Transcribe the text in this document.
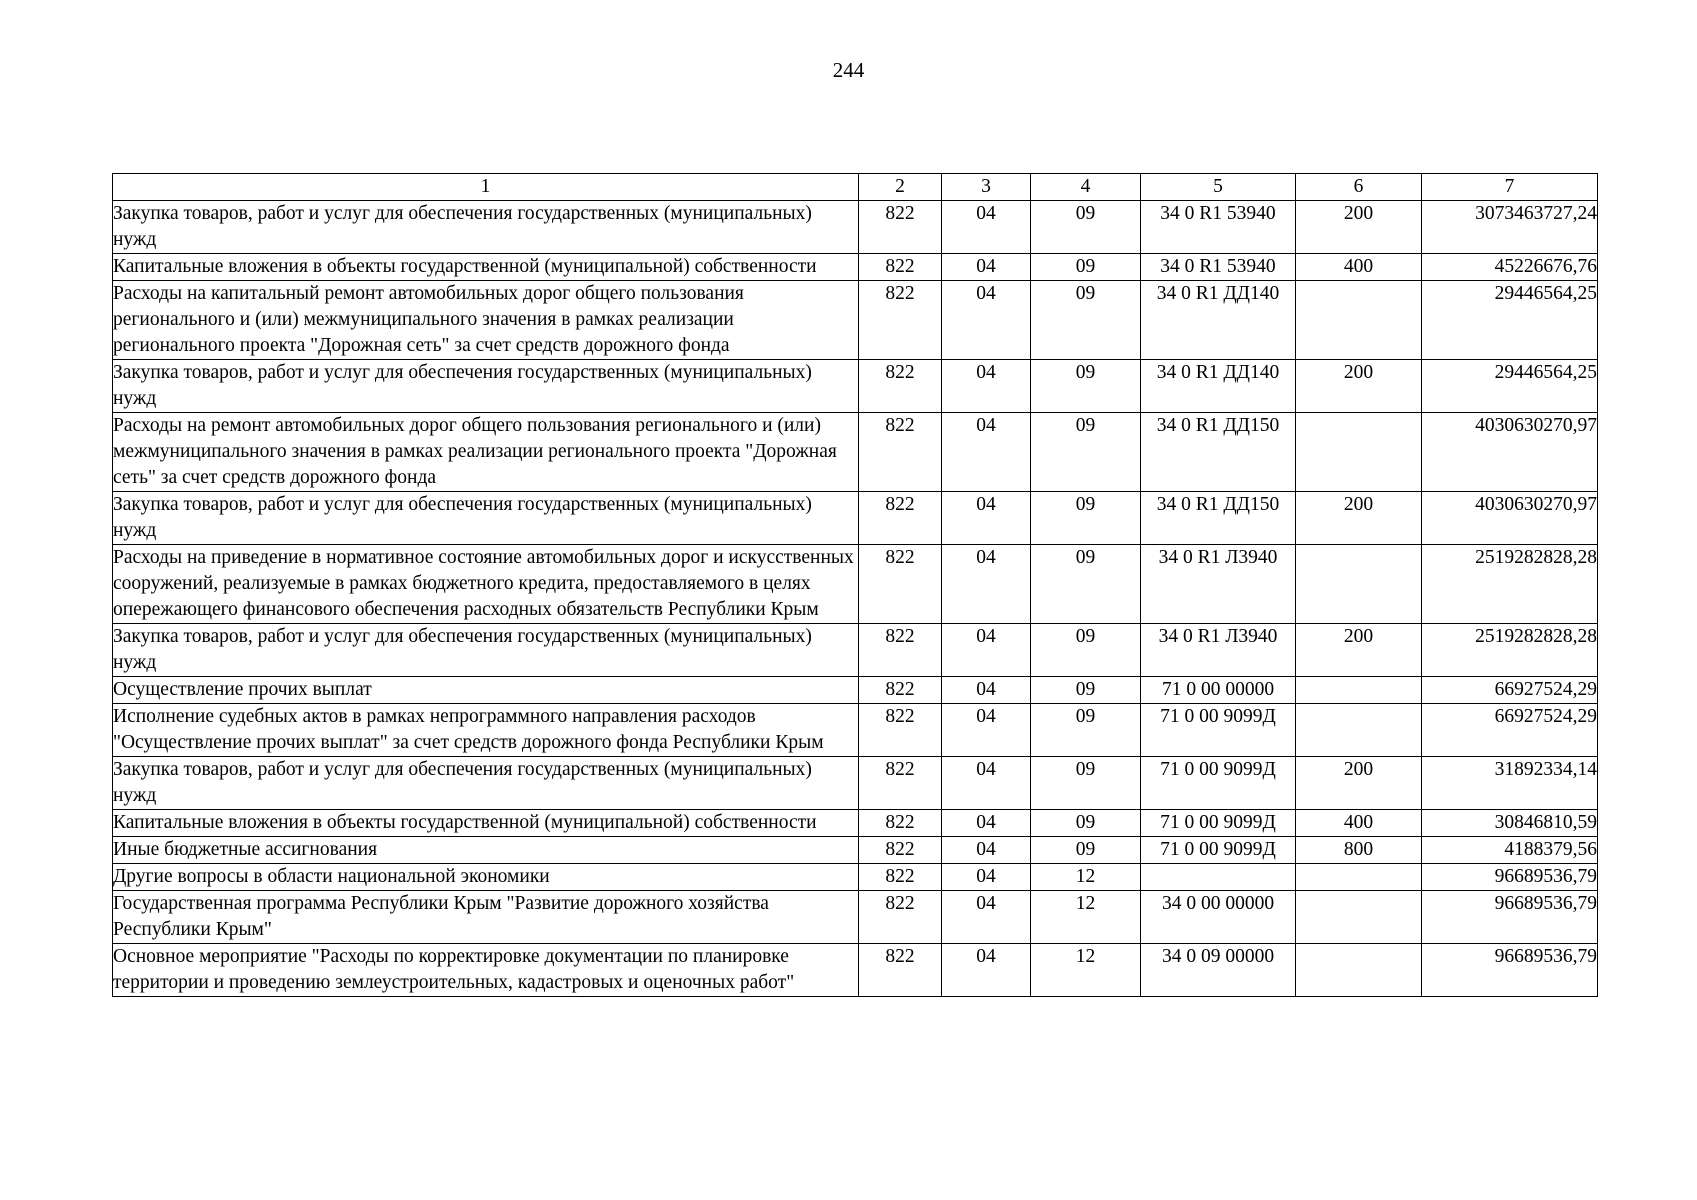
244
1	2	3	4	5	6	7
Закупка товаров, работ и услуг для обеспечения государственных (муниципальных) нужд	822	04	09	34 0 R1 53940	200	3073463727,24
Капитальные вложения в объекты государственной (муниципальной) собственности	822	04	09	34 0 R1 53940	400	45226676,76
Расходы на капитальный ремонт автомобильных дорог общего пользования регионального и (или) межмуниципального значения в рамках реализации регионального проекта "Дорожная сеть" за счет средств дорожного фонда	822	04	09	34 0 R1 ДД140		29446564,25
Закупка товаров, работ и услуг для обеспечения государственных (муниципальных) нужд	822	04	09	34 0 R1 ДД140	200	29446564,25
Расходы на ремонт автомобильных дорог общего пользования регионального и (или) межмуниципального значения в рамках реализации регионального проекта "Дорожная сеть" за счет средств дорожного фонда	822	04	09	34 0 R1 ДД150		4030630270,97
Закупка товаров, работ и услуг для обеспечения государственных (муниципальных) нужд	822	04	09	34 0 R1 ДД150	200	4030630270,97
Расходы на приведение в нормативное состояние автомобильных дорог и искусственных сооружений, реализуемые в рамках бюджетного кредита, предоставляемого в целях опережающего финансового обеспечения расходных обязательств Республики Крым	822	04	09	34 0 R1 Л3940		2519282828,28
Закупка товаров, работ и услуг для обеспечения государственных (муниципальных) нужд	822	04	09	34 0 R1 Л3940	200	2519282828,28
Осуществление прочих выплат	822	04	09	71 0 00 00000		66927524,29
Исполнение судебных актов в рамках непрограммного направления расходов "Осуществление прочих выплат" за счет средств дорожного фонда Республики Крым	822	04	09	71 0 00 9099Д		66927524,29
Закупка товаров, работ и услуг для обеспечения государственных (муниципальных) нужд	822	04	09	71 0 00 9099Д	200	31892334,14
Капитальные вложения в объекты государственной (муниципальной) собственности	822	04	09	71 0 00 9099Д	400	30846810,59
Иные бюджетные ассигнования	822	04	09	71 0 00 9099Д	800	4188379,56
Другие вопросы в области национальной экономики	822	04	12			96689536,79
Государственная программа Республики Крым "Развитие дорожного хозяйства Республики Крым"	822	04	12	34 0 00 00000		96689536,79
Основное мероприятие "Расходы по корректировке документации по планировке территории и проведению землеустроительных, кадастровых и оценочных работ"	822	04	12	34 0 09 00000		96689536,79
